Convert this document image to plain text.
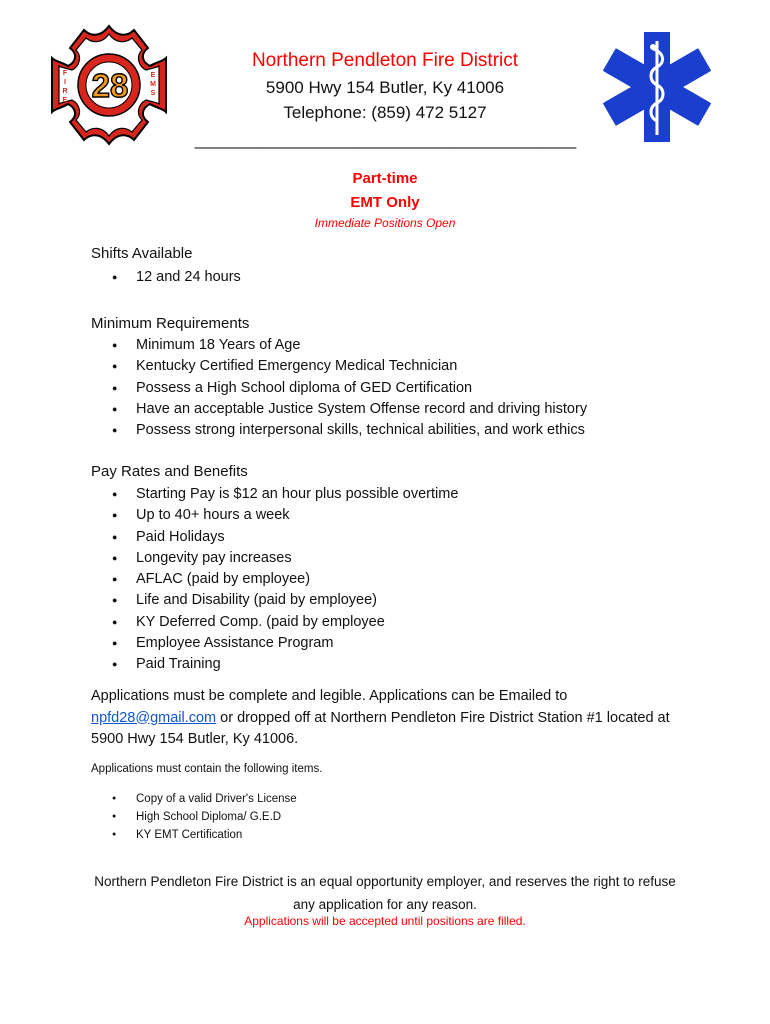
NORTHERN
PENDLETON
28
F
I
R
E
E
M
S
Northern Pendleton Fire District
5900 Hwy 154 Butler, Ky 41006
Telephone: (859) 472 5127
_____________________________________________
Part-time
EMT Only
Immediate Positions Open
Shifts Available
● 12 and 24 hours
Minimum Requirements
● Minimum 18 Years of Age
● Kentucky Certified Emergency Medical Technician
● Possess a High School diploma of GED Certification
● Have an acceptable Justice System Offense record and driving history
● Possess strong interpersonal skills, technical abilities, and work ethics
Pay Rates and Benefits
● Starting Pay is $12 an hour plus possible overtime
● Up to 40+ hours a week
● Paid Holidays
● Longevity pay increases
● AFLAC (paid by employee)
● Life and Disability (paid by employee)
● KY Deferred Comp. (paid by employee
● Employee Assistance Program
● Paid Training
Applications must be complete and legible. Applications can be Emailed to
npfd28@gmail.com or dropped off at Northern Pendleton Fire District Station #1 located at 5900 Hwy 154 Butler, Ky 41006.
Applications must contain the following items.
● Copy of a valid Driver's License
● High School Diploma/ G.E.D
● KY EMT Certification
Northern Pendleton Fire District is an equal opportunity employer, and reserves the right to refuse any application for any reason.
Applications will be accepted until positions are filled.
